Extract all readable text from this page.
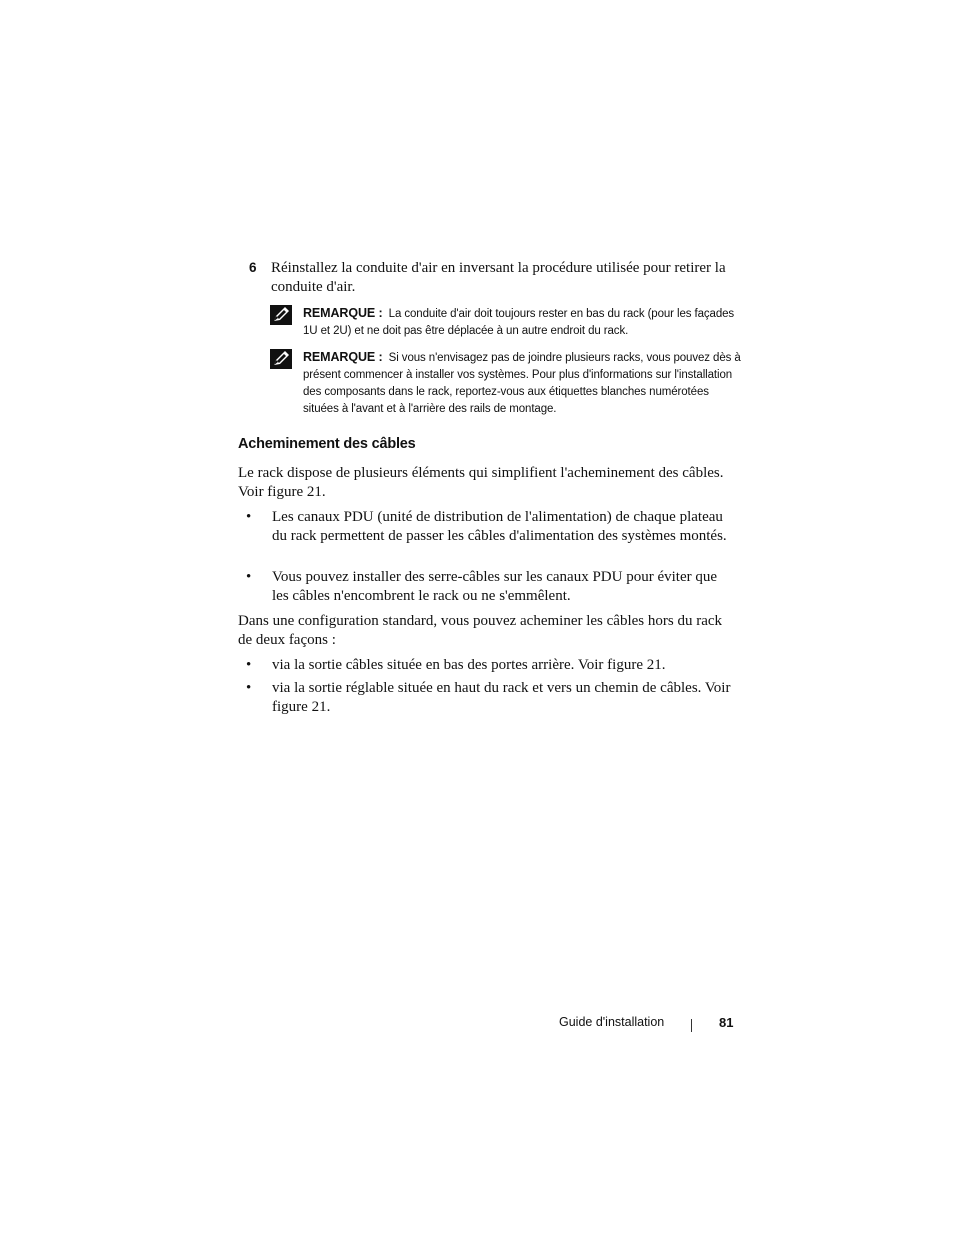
6 Réinstallez la conduite d'air en inversant la procédure utilisée pour retirer la conduite d'air.
REMARQUE : La conduite d'air doit toujours rester en bas du rack (pour les façades 1U et 2U) et ne doit pas être déplacée à un autre endroit du rack.
REMARQUE : Si vous n'envisagez pas de joindre plusieurs racks, vous pouvez dès à présent commencer à installer vos systèmes. Pour plus d'informations sur l'installation des composants dans le rack, reportez-vous aux étiquettes blanches numérotées situées à l'avant et à l'arrière des rails de montage.
Acheminement des câbles

Le rack dispose de plusieurs éléments qui simplifient l'acheminement des câbles. Voir figure 21.

• Les canaux PDU (unité de distribution de l'alimentation) de chaque plateau du rack permettent de passer les câbles d'alimentation des systèmes montés.
• Vous pouvez installer des serre-câbles sur les canaux PDU pour éviter que les câbles n'encombrent le rack ou ne s'emmêlent.

Dans une configuration standard, vous pouvez acheminer les câbles hors du rack de deux façons :

• via la sortie câbles située en bas des portes arrière. Voir figure 21.
• via la sortie réglable située en haut du rack et vers un chemin de câbles. Voir figure 21.
Guide d'installation	81
